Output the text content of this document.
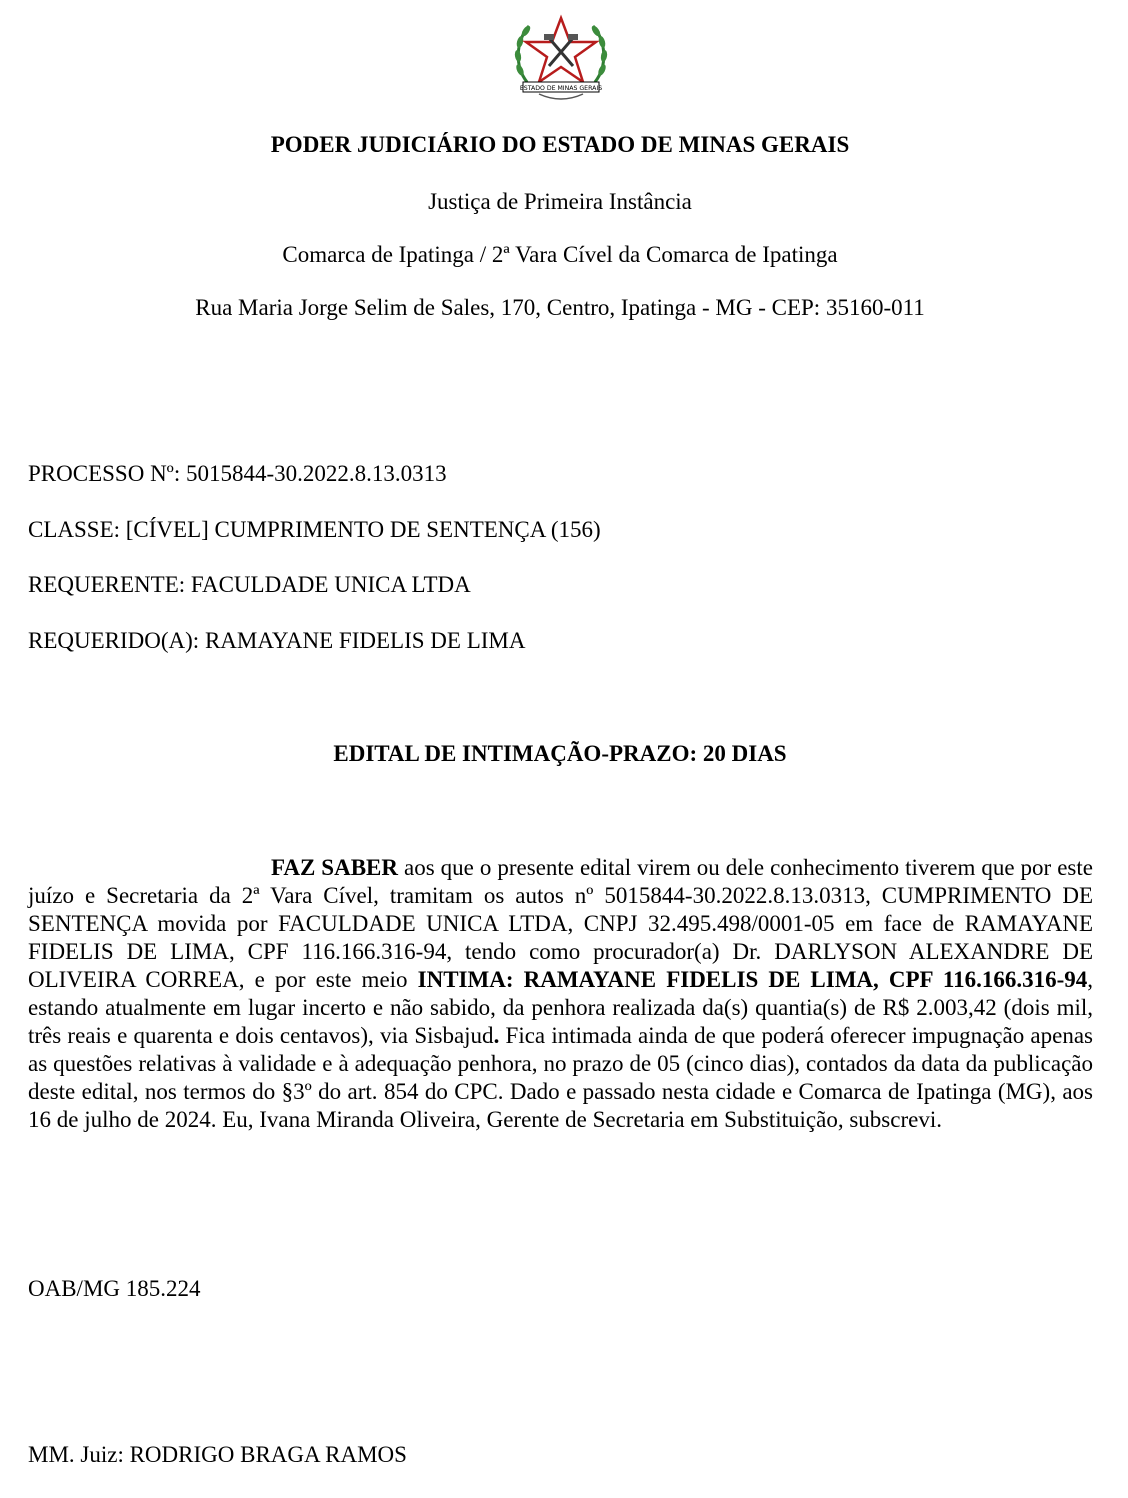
ESTADO DE MINAS GERAIS
PODER JUDICIÁRIO DO ESTADO DE MINAS GERAIS
Justiça de Primeira Instância
Comarca de Ipatinga / 2ª Vara Cível da Comarca de Ipatinga
Rua Maria Jorge Selim de Sales, 170, Centro, Ipatinga - MG - CEP: 35160-011
PROCESSO Nº: 5015844-30.2022.8.13.0313
CLASSE: [CÍVEL] CUMPRIMENTO DE SENTENÇA (156)
REQUERENTE: FACULDADE UNICA LTDA
REQUERIDO(A): RAMAYANE FIDELIS DE LIMA
EDITAL DE INTIMAÇÃO-PRAZO: 20 DIAS
FAZ SABER aos que o presente edital virem ou dele conhecimento tiverem que por este juízo e Secretaria da 2ª Vara Cível, tramitam os autos nº 5015844-30.2022.8.13.0313, CUMPRIMENTO DE SENTENÇA movida por FACULDADE UNICA LTDA, CNPJ 32.495.498/0001-05 em face de RAMAYANE FIDELIS DE LIMA, CPF 116.166.316-94, tendo como procurador(a) Dr. DARLYSON ALEXANDRE DE OLIVEIRA CORREA, e por este meio INTIMA: RAMAYANE FIDELIS DE LIMA, CPF 116.166.316-94, estando atualmente em lugar incerto e não sabido, da penhora realizada da(s) quantia(s) de R$ 2.003,42 (dois mil, três reais e quarenta e dois centavos), via Sisbajud. Fica intimada ainda de que poderá oferecer impugnação apenas as questões relativas à validade e à adequação penhora, no prazo de 05 (cinco dias), contados da data da publicação deste edital, nos termos do §3º do art. 854 do CPC. Dado e passado nesta cidade e Comarca de Ipatinga (MG), aos 16 de julho de 2024. Eu, Ivana Miranda Oliveira, Gerente de Secretaria em Substituição, subscrevi.
OAB/MG 185.224
MM. Juiz: RODRIGO BRAGA RAMOS
